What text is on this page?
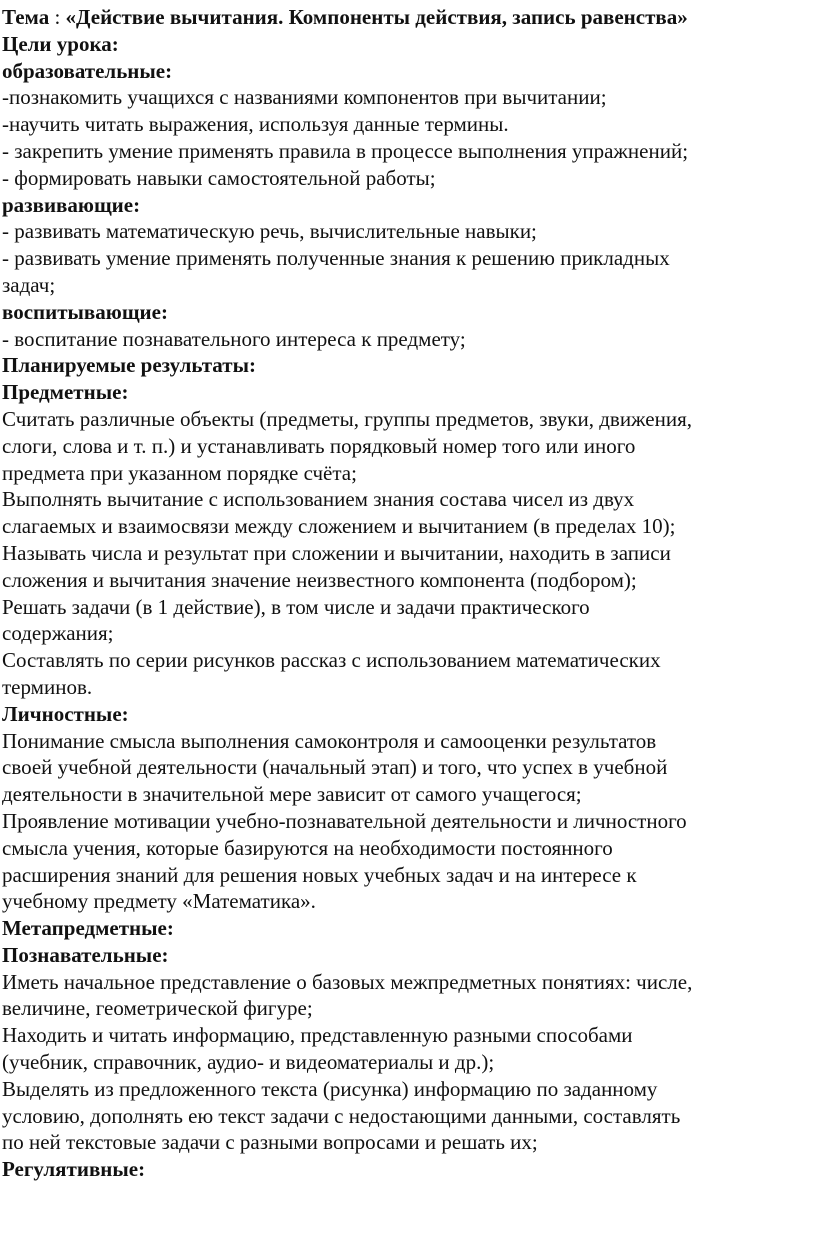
Тема : «Действие вычитания. Компоненты действия, запись равенства»
Цели урока:
образовательные:
-познакомить учащихся с названиями компонентов при вычитании;
-научить читать выражения, используя данные термины.
- закрепить умение применять правила в процессе выполнения упражнений;
- формировать навыки самостоятельной работы;
развивающие:
- развивать математическую речь, вычислительные навыки;
- развивать умение применять полученные знания к решению прикладных
задач;
воспитывающие:
- воспитание познавательного интереса к предмету;
Планируемые результаты:
Предметные:
Считать различные объекты (предметы, группы предметов, звуки, движения,
слоги, слова и т. п.) и устанавливать порядковый номер того или иного
предмета при указанном порядке счёта;
Выполнять вычитание с использованием знания состава чисел из двух
слагаемых и взаимосвязи между сложением и вычитанием (в пределах 10);
Называть числа и результат при сложении и вычитании, находить в записи
сложения и вычитания значение неизвестного компонента (подбором);
Решать задачи (в 1 действие), в том числе и задачи практического
содержания;
Составлять по серии рисунков рассказ с использованием математических
терминов.
Личностные:
Понимание смысла выполнения самоконтроля и самооценки результатов
своей учебной деятельности (начальный этап) и того, что успех в учебной
деятельности в значительной мере зависит от самого учащегося;
Проявление мотивации учебно-познавательной деятельности и личностного
смысла учения, которые базируются на необходимости постоянного
расширения знаний для решения новых учебных задач и на интересе к
учебному предмету «Математика».
Метапредметные:
Познавательные:
Иметь начальное представление о базовых межпредметных понятиях: числе,
величине, геометрической фигуре;
Находить и читать информацию, представленную разными способами
(учебник, справочник, аудио- и видеоматериалы и др.);
Выделять из предложенного текста (рисунка) информацию по заданному
условию, дополнять ею текст задачи с недостающими данными, составлять
по ней текстовые задачи с разными вопросами и решать их;
Регулятивные:
